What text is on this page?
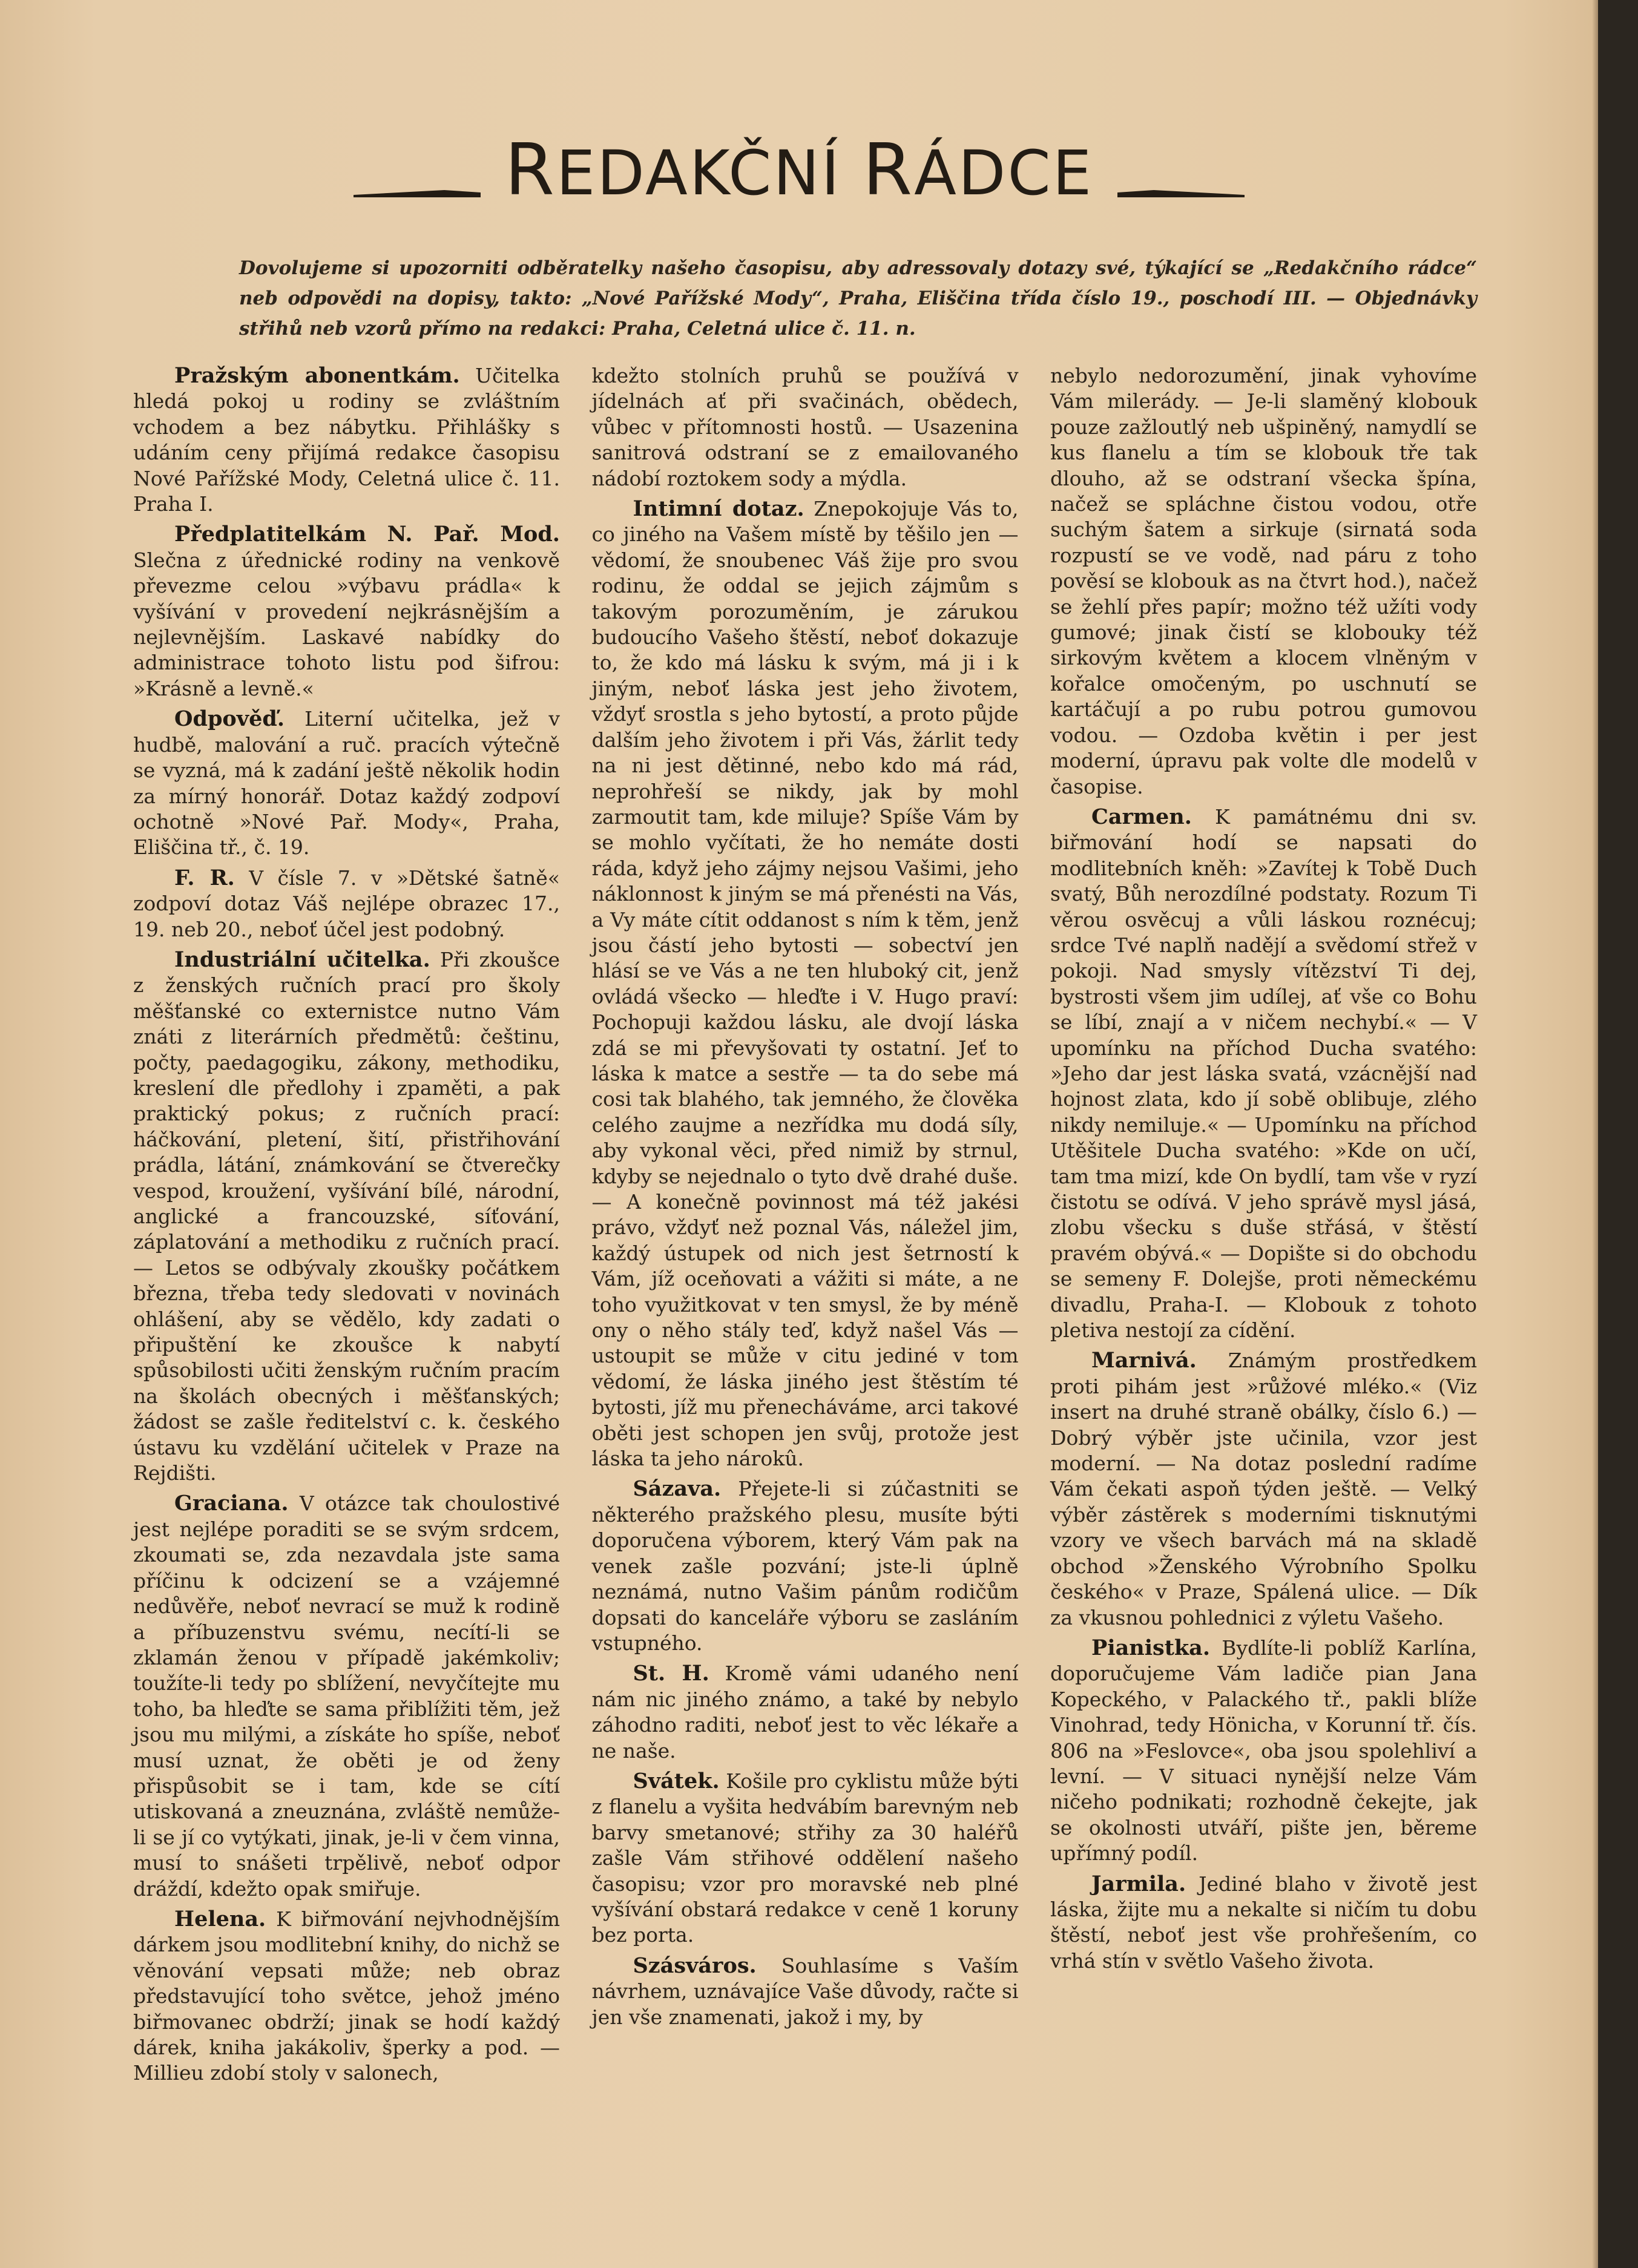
REDAKČNÍ RÁDCE
Dovolujeme si upozorniti odběratelky našeho časopisu, aby adressovaly dotazy své, týkající se „Redakčního rádce“ neb odpovědi na dopisy, takto: „Nové Pařížské Mody“, Praha, Eliščina třída číslo 19., poschodí III. — Objednávky střihů neb vzorů přímo na redakci: Praha, Celetná ulice č. 11. n.

Pražským abonentkám. Učitelka hledá pokoj u rodiny se zvláštním vchodem a bez nábytku. Přihlášky s udáním ceny přijímá redakce časopisu Nové Pařížské Mody, Celetná ulice č. 11. Praha I.

Předplatitelkám N. Pař. Mod. Slečna z úřednické rodiny na venkově převezme celou »výbavu prádla« k vyšívání v provedení nejkrásnějším a nejlevnějším. Laskavé nabídky do administrace tohoto listu pod šifrou: »Krásně a levně.«

Odpověď. Literní učitelka, jež v hudbě, malování a ruč. pracích výtečně se vyzná, má k zadání ještě několik hodin za mírný honorář. Dotaz každý zodpoví ochotně »Nové Pař. Mody«, Praha, Eliščina tř., č. 19.

F. R. V čísle 7. v »Dětské šatně« zodpoví dotaz Váš nejlépe obrazec 17., 19. neb 20., neboť účel jest podobný.

Industriální učitelka. Při zkoušce z ženských ručních prací pro školy měšťanské co externistce nutno Vám znáti z literárních předmětů: češtinu, počty, paedagogiku, zákony, methodiku, kreslení dle předlohy i zpaměti, a pak praktický pokus; z ručních prací: háčkování, pletení, šití, přistřihování prádla, látání, známkování se čtverečky vespod, kroužení, vyšívání bílé, národní, anglické a francouzské, síťování, záplatování a methodiku z ručních prací. — Letos se odbývaly zkoušky počátkem března, třeba tedy sledovati v novinách ohlášení, aby se vědělo, kdy zadati o připuštění ke zkoušce k nabytí spůsobilosti učiti ženským ručním pracím na školách obecných i měšťanských; žádost se zašle ředitelství c. k. českého ústavu ku vzdělání učitelek v Praze na Rejdišti.

Graciana. V otázce tak choulostivé jest nejlépe poraditi se se svým srdcem, zkoumati se, zda nezavdala jste sama příčinu k odcizení se a vzájemné nedůvěře, neboť nevrací se muž k rodině a příbuzenstvu svému, necítí-li se zklamán ženou v případě jakémkoliv; toužíte-li tedy po sblížení, nevyčítejte mu toho, ba hleďte se sama přiblížiti těm, jež jsou mu milými, a získáte ho spíše, neboť musí uznat, že oběti je od ženy přispůsobit se i tam, kde se cítí utiskovaná a zneuznána, zvláště nemůže-li se jí co vytýkati, jinak, je-li v čem vinna, musí to snášeti trpělivě, neboť odpor dráždí, kdežto opak smiřuje.

Helena. K biřmování nejvhodnějším dárkem jsou modlitební knihy, do nichž se věnování vepsati může; neb obraz představující toho světce, jehož jméno biřmovanec obdrží; jinak se hodí každý dárek, kniha jakákoliv, šperky a pod. — Millieu zdobí stoly v salonech,

kdežto stolních pruhů se používá v jídelnách ať při svačinách, obědech, vůbec v přítomnosti hostů. — Usazenina sanitrová odstraní se z emailovaného nádobí roztokem sody a mýdla.

Intimní dotaz. Znepokojuje Vás to, co jiného na Vašem místě by těšilo jen — vědomí, že snoubenec Váš žije pro svou rodinu, že oddal se jejich zájmům s takovým porozuměním, je zárukou budoucího Vašeho štěstí, neboť dokazuje to, že kdo má lásku k svým, má ji i k jiným, neboť láska jest jeho životem, vždyť srostla s jeho bytostí, a proto půjde dalším jeho životem i při Vás, žárlit tedy na ni jest dětinné, nebo kdo má rád, neprohřeší se nikdy, jak by mohl zarmoutit tam, kde miluje? Spíše Vám by se mohlo vyčítati, že ho nemáte dosti ráda, když jeho zájmy nejsou Vašimi, jeho náklonnost k jiným se má přenésti na Vás, a Vy máte cítit oddanost s ním k těm, jenž jsou částí jeho bytosti — sobectví jen hlásí se ve Vás a ne ten hluboký cit, jenž ovládá všecko — hleďte i V. Hugo praví: Pochopuji každou lásku, ale dvojí láska zdá se mi převyšovati ty ostatní. Jeť to láska k matce a sestře — ta do sebe má cosi tak blahého, tak jemného, že člověka celého zaujme a nezřídka mu dodá síly, aby vykonal věci, před nimiž by strnul, kdyby se nejednalo o tyto dvě drahé duše. — A konečně povinnost má též jakési právo, vždyť než poznal Vás, náležel jim, každý ústupek od nich jest šetrností k Vám, jíž oceňovati a vážiti si máte, a ne toho využitkovat v ten smysl, že by méně ony o něho stály teď, když našel Vás — ustoupit se může v citu jediné v tom vědomí, že láska jiného jest štěstím té bytosti, jíž mu přenecháváme, arci takové oběti jest schopen jen svůj, protože jest láska ta jeho nárokû.

Sázava. Přejete-li si zúčastniti se některého pražského plesu, musíte býti doporučena výborem, který Vám pak na venek zašle pozvání; jste-li úplně neznámá, nutno Vašim pánům rodičům dopsati do kanceláře výboru se zasláním vstupného.

St. H. Kromě vámi udaného není nám nic jiného známo, a také by nebylo záhodno raditi, neboť jest to věc lékaře a ne naše.

Svátek. Košile pro cyklistu může býti z flanelu a vyšita hedvábím barevným neb barvy smetanové; střihy za 30 haléřů zašle Vám střihové oddělení našeho časopisu; vzor pro moravské neb plné vyšívání obstará redakce v ceně 1 koruny bez porta.

Szásváros. Souhlasíme s Vaším návrhem, uznávajíce Vaše důvody, račte si jen vše znamenati, jakož i my, by

nebylo nedorozumění, jinak vyhovíme Vám milerády. — Je-li slaměný klobouk pouze zažloutlý neb ušpiněný, namydlí se kus flanelu a tím se klobouk tře tak dlouho, až se odstraní všecka špína, načež se spláchne čistou vodou, otře suchým šatem a sirkuje (sirnatá soda rozpustí se ve vodě, nad páru z toho pověsí se klobouk as na čtvrt hod.), načež se žehlí přes papír; možno též užíti vody gumové; jinak čistí se klobouky též sirkovým květem a klocem vlněným v kořalce omočeným, po uschnutí se kartáčují a po rubu potrou gumovou vodou. — Ozdoba květin i per jest moderní, úpravu pak volte dle modelů v časopise.

Carmen. K památnému dni sv. biřmování hodí se napsati do modlitebních kněh: »Zavítej k Tobě Duch svatý, Bůh nerozdílné podstaty. Rozum Ti věrou osvěcuj a vůli láskou roznécuj; srdce Tvé naplň nadějí a svědomí střež v pokoji. Nad smysly vítězství Ti dej, bystrosti všem jim udílej, ať vše co Bohu se líbí, znají a v ničem nechybí.« — V upomínku na příchod Ducha svatého: »Jeho dar jest láska svatá, vzácnější nad hojnost zlata, kdo jí sobě oblibuje, zlého nikdy nemiluje.« — Upomínku na příchod Utěšitele Ducha svatého: »Kde on učí, tam tma mizí, kde On bydlí, tam vše v ryzí čistotu se odívá. V jeho správě mysl jásá, zlobu všecku s duše střásá, v štěstí pravém obývá.« — Dopište si do obchodu se semeny F. Dolejše, proti německému divadlu, Praha-I. — Klobouk z tohoto pletiva nestojí za cídění.

Marnivá. Známým prostředkem proti pihám jest »růžové mléko.« (Viz insert na druhé straně obálky, číslo 6.) — Dobrý výběr jste učinila, vzor jest moderní. — Na dotaz poslední radíme Vám čekati aspoň týden ještě. — Velký výběr zástěrek s moderními tisknutými vzory ve všech barvách má na skladě obchod »Ženského Výrobního Spolku českého« v Praze, Spálená ulice. — Dík za vkusnou pohlednici z výletu Vašeho.

Pianistka. Bydlíte-li poblíž Karlína, doporučujeme Vám ladiče pian Jana Kopeckého, v Palackého tř., pakli blíže Vinohrad, tedy Hönicha, v Korunní tř. čís. 806 na »Feslovce«, oba jsou spolehliví a levní. — V situaci nynější nelze Vám ničeho podnikati; rozhodně čekejte, jak se okolnosti utváří, pište jen, běreme upřímný podíl.

Jarmila. Jediné blaho v životě jest láska, žijte mu a nekalte si ničím tu dobu štěstí, neboť jest vše prohřešením, co vrhá stín v světlo Vašeho života.
